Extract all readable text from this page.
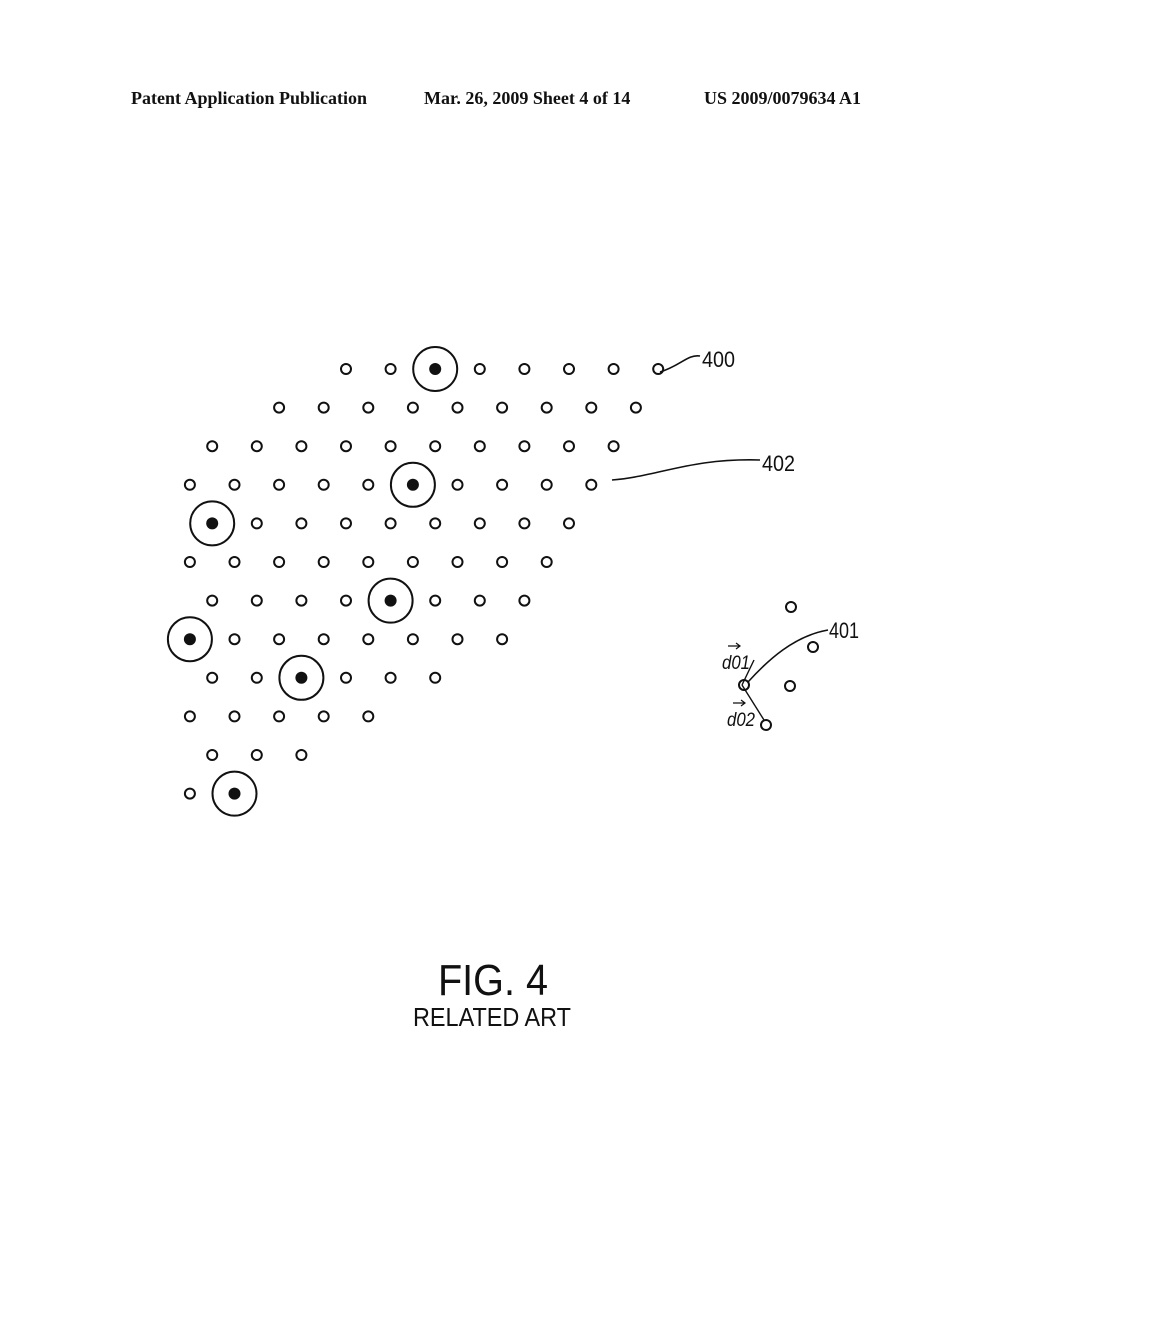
Patent Application Publication	Mar. 26, 2009 Sheet 4 of 14	US 2009/0079634 A1
400
402
401
d01
d02
FIG. 4
RELATED ART
